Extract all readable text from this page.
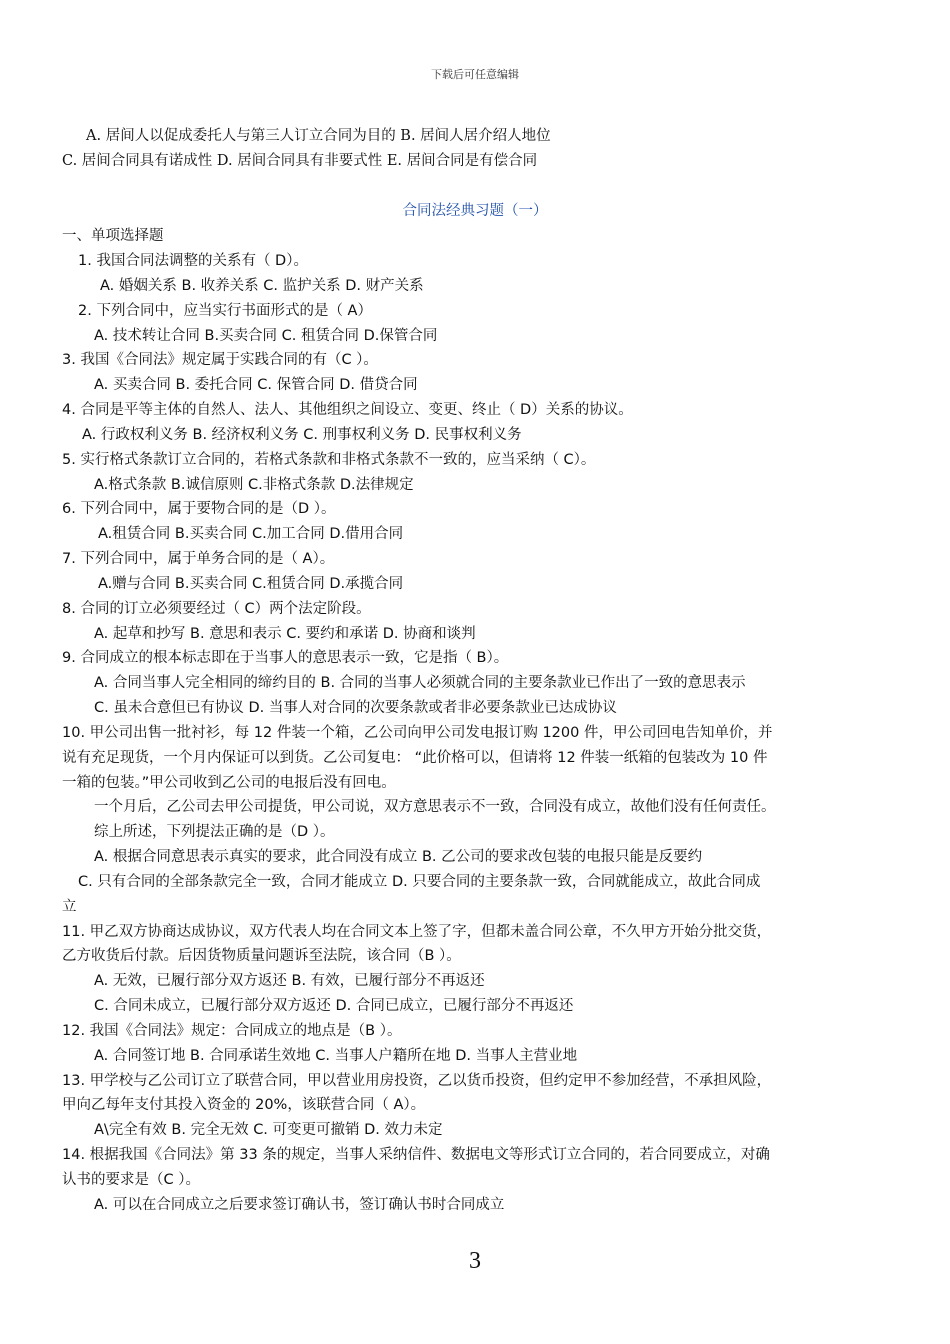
下载后可任意编辑
A. 居间人以促成委托人与第三人订立合同为目的 B. 居间人居介绍人地位
C. 居间合同具有诺成性 D. 居间合同具有非要式性 E. 居间合同是有偿合同
合同法经典习题（一）
一、单项选择题
1. 我国合同法调整的关系有（ D）。
A. 婚姻关系 B. 收养关系 C. 监护关系 D. 财产关系
2. 下列合同中，应当实行书面形式的是（ A）
A. 技术转让合同 B.买卖合同 C. 租赁合同 D.保管合同
3. 我国《合同法》规定属于实践合同的有（C ）。
A. 买卖合同 B. 委托合同 C. 保管合同 D. 借贷合同
4. 合同是平等主体的自然人、法人、其他组织之间设立、变更、终止（ D）关系的协议。
A. 行政权利义务 B. 经济权利义务 C. 刑事权利义务 D. 民事权利义务
5. 实行格式条款订立合同的，若格式条款和非格式条款不一致的，应当采纳（ C）。
A.格式条款 B.诚信原则 C.非格式条款 D.法律规定
6. 下列合同中，属于要物合同的是（D ）。
A.租赁合同 B.买卖合同 C.加工合同 D.借用合同
7. 下列合同中，属于单务合同的是（ A）。
A.赠与合同 B.买卖合同 C.租赁合同 D.承揽合同
8. 合同的订立必须要经过（ C）两个法定阶段。
A. 起草和抄写 B. 意思和表示 C. 要约和承诺 D. 协商和谈判
9. 合同成立的根本标志即在于当事人的意思表示一致，它是指（ B）。
A. 合同当事人完全相同的缔约目的 B. 合同的当事人必须就合同的主要条款业已作出了一致的意思表示
C. 虽未合意但已有协议 D. 当事人对合同的次要条款或者非必要条款业已达成协议
10. 甲公司出售一批衬衫，每 12 件装一个箱，乙公司向甲公司发电报订购 1200 件，甲公司回电告知单价，并
说有充足现货，一个月内保证可以到货。乙公司复电： “此价格可以，但请将 12 件装一纸箱的包装改为 10 件
一箱的包装。”甲公司收到乙公司的电报后没有回电。
一个月后，乙公司去甲公司提货，甲公司说，双方意思表示不一致，合同没有成立，故他们没有任何责任。
综上所述，下列提法正确的是（D ）。
A. 根据合同意思表示真实的要求，此合同没有成立 B. 乙公司的要求改包装的电报只能是反要约
C. 只有合同的全部条款完全一致，合同才能成立 D. 只要合同的主要条款一致，合同就能成立，故此合同成
立
11. 甲乙双方协商达成协议，双方代表人均在合同文本上签了字，但都未盖合同公章，不久甲方开始分批交货，
乙方收货后付款。后因货物质量问题诉至法院，该合同（B ）。
A. 无效，已履行部分双方返还 B. 有效，已履行部分不再返还
C. 合同未成立，已履行部分双方返还 D. 合同已成立，已履行部分不再返还
12. 我国《合同法》规定：合同成立的地点是（B ）。
A. 合同签订地 B. 合同承诺生效地 C. 当事人户籍所在地 D. 当事人主营业地
13. 甲学校与乙公司订立了联营合同，甲以营业用房投资，乙以货币投资，但约定甲不参加经营，不承担风险，
甲向乙每年支付其投入资金的 20%，该联营合同（ A）。
A\完全有效 B. 完全无效 C. 可变更可撤销 D. 效力未定
14. 根据我国《合同法》第 33 条的规定，当事人采纳信件、数据电文等形式订立合同的，若合同要成立，对确
认书的要求是（C ）。
A. 可以在合同成立之后要求签订确认书，签订确认书时合同成立
3
